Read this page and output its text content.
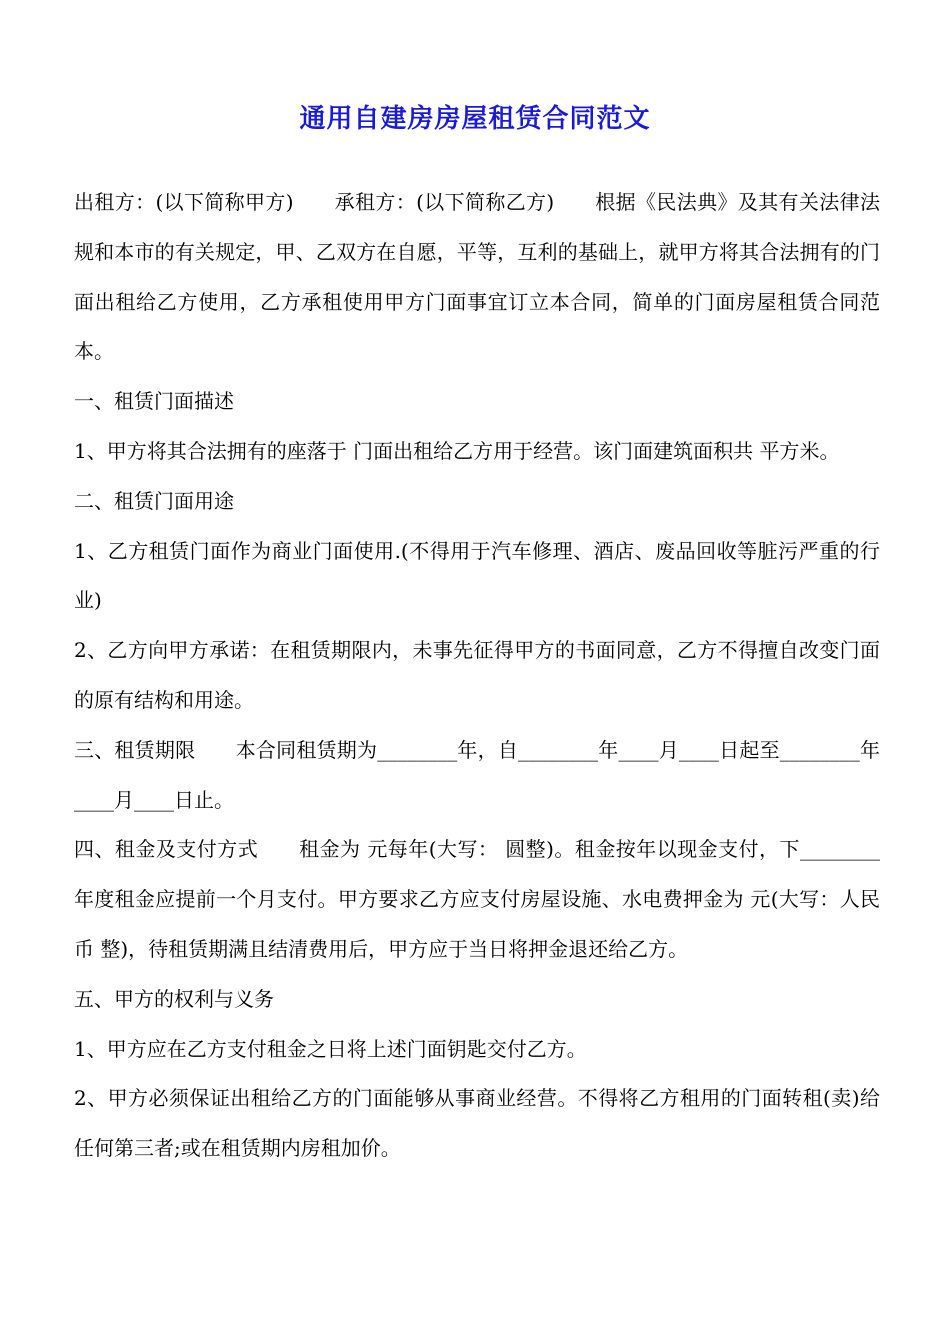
通用自建房房屋租赁合同范文

出租方：(以下简称甲方)　　承租方：(以下简称乙方)　　根据《民法典》及其有关法律法规和本市的有关规定，甲、乙双方在自愿，平等，互利的基础上，就甲方将其合法拥有的门面出租给乙方使用，乙方承租使用甲方门面事宜订立本合同，简单的门面房屋租赁合同范本。

一、租赁门面描述

1、甲方将其合法拥有的座落于 门面出租给乙方用于经营。该门面建筑面积共 平方米。

二、租赁门面用途

1、乙方租赁门面作为商业门面使用.(不得用于汽车修理、酒店、废品回收等脏污严重的行业)

2、乙方向甲方承诺：在租赁期限内，未事先征得甲方的书面同意，乙方不得擅自改变门面的原有结构和用途。

三、租赁期限　　本合同租赁期为________年，自________年____月____日起至________年____月____日止。

四、租金及支付方式　　租金为 元每年(大写： 圆整)。租金按年以现金支付，下________年度租金应提前一个月支付。甲方要求乙方应支付房屋设施、水电费押金为 元(大写：人民币 整)，待租赁期满且结清费用后，甲方应于当日将押金退还给乙方。

五、甲方的权利与义务

1、甲方应在乙方支付租金之日将上述门面钥匙交付乙方。

2、甲方必须保证出租给乙方的门面能够从事商业经营。不得将乙方租用的门面转租(卖)给任何第三者;或在租赁期内房租加价。
